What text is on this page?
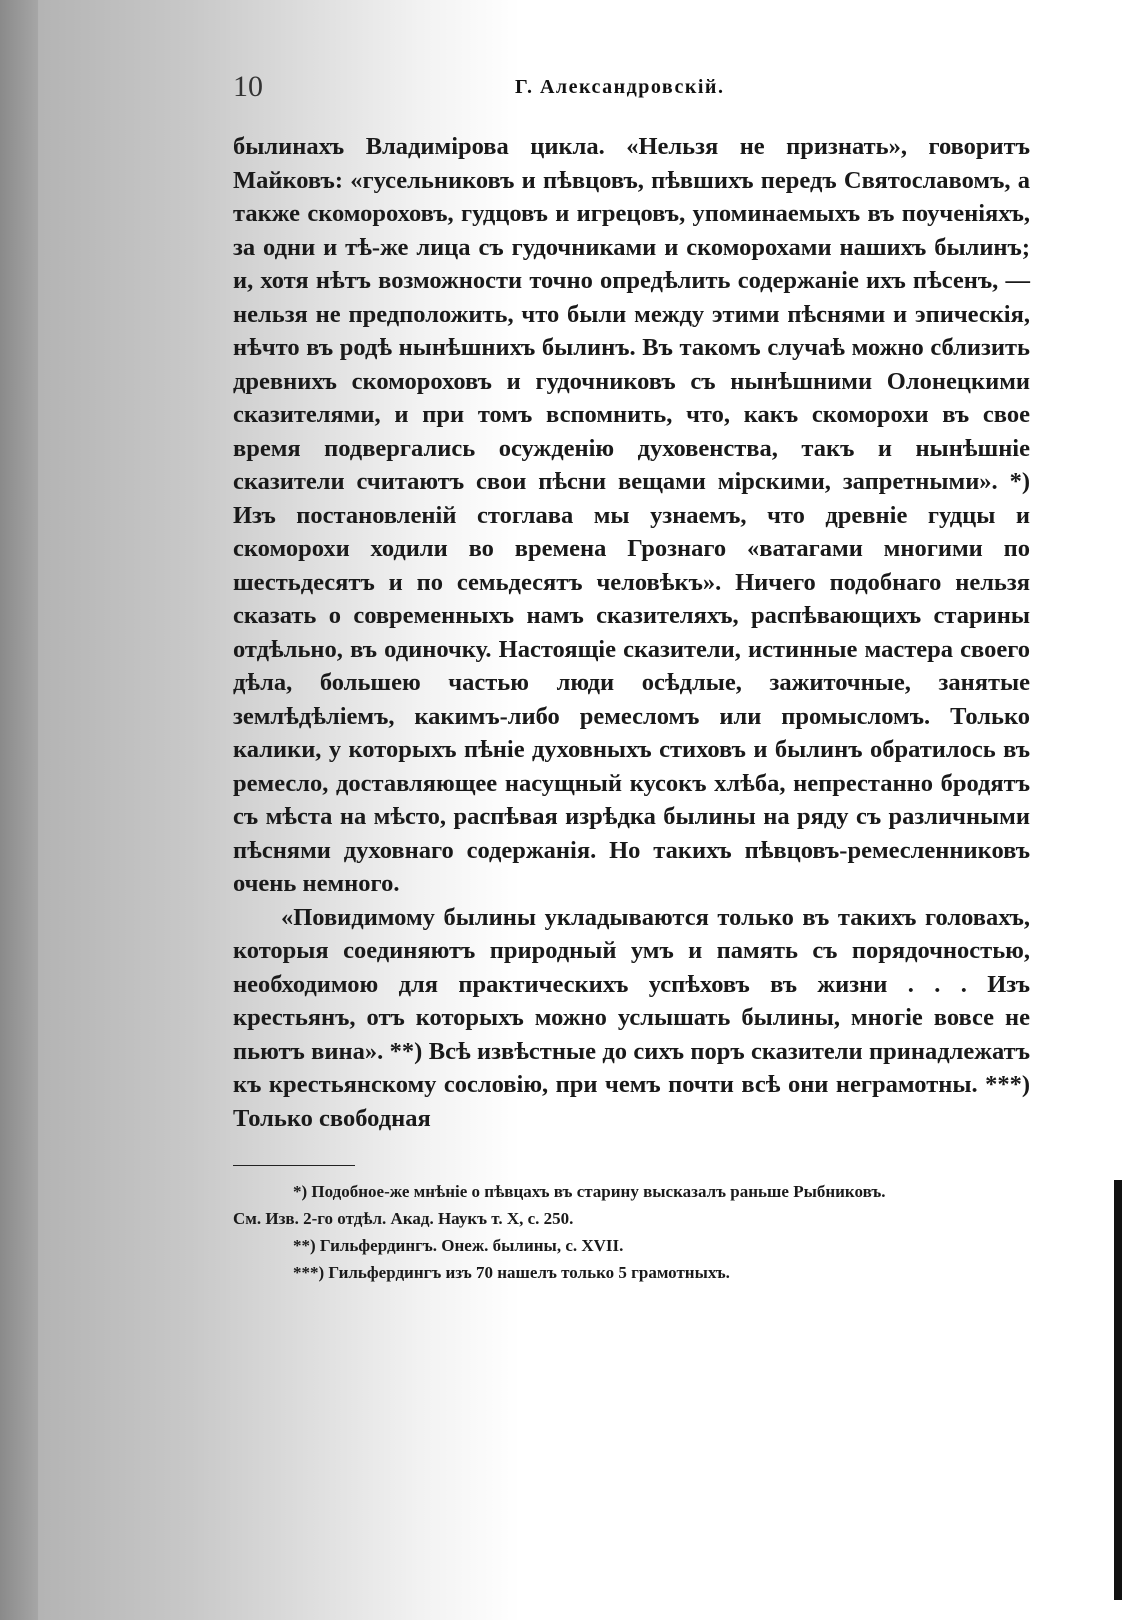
10	Г. Александровскій.

былинахъ Владимірова цикла. «Нельзя не признать», говоритъ Майковъ: «гусельниковъ и пѣвцовъ, пѣвшихъ передъ Святославомъ, а также скомороховъ, гудцовъ и игрецовъ, упоминаемыхъ въ поученіяхъ, за одни и тѣ-же лица съ гудочниками и скоморохами нашихъ былинъ; и, хотя нѣтъ возможности точно опредѣлить содержаніе ихъ пѣсенъ, — нельзя не предположить, что были между этими пѣснями и эпическія, нѣчто въ родѣ нынѣшнихъ былинъ. Въ такомъ случаѣ можно сблизить древнихъ скомороховъ и гудочниковъ съ нынѣшними Олонецкими сказителями, и при томъ вспомнить, что, какъ скоморохи въ свое время подвергались осужденію духовенства, такъ и нынѣшніе сказители считаютъ свои пѣсни вещами мірскими, запретными». *) Изъ постановленій стоглава мы узнаемъ, что древніе гудцы и скоморохи ходили во времена Грознаго «ватагами многими по шестьдесятъ и по семьдесятъ человѣкъ». Ничего подобнаго нельзя сказать о современныхъ намъ сказителяхъ, распѣвающихъ старины отдѣльно, въ одиночку. Настоящіе сказители, истинные мастера своего дѣла, большею частью люди осѣдлые, зажиточные, занятые землѣдѣліемъ, какимъ-либо ремесломъ или промысломъ. Только калики, у которыхъ пѣніе духовныхъ стиховъ и былинъ обратилось въ ремесло, доставляющее насущный кусокъ хлѣба, непрестанно бродятъ съ мѣста на мѣсто, распѣвая изрѣдка былины на ряду съ различными пѣснями духовнаго содержанія. Но такихъ пѣвцовъ-ремесленниковъ очень немного.

«Повидимому былины укладываются только въ такихъ головахъ, которыя соединяютъ природный умъ и память съ порядочностью, необходимою для практическихъ успѣховъ въ жизни . . . Изъ крестьянъ, отъ которыхъ можно услышать былины, многіе вовсе не пьютъ вина». **) Всѣ извѣстные до сихъ поръ сказители принадлежатъ къ крестьянскому сословію, при чемъ почти всѣ они неграмотны. ***) Только свободная

*) Подобное-же мнѣніе о пѣвцахъ въ старину высказалъ раньше Рыбниковъ.

См. Изв. 2-го отдѣл. Акад. Наукъ т. X, с. 250.

**) Гильфердингъ. Онеж. былины, с. XVII.

***) Гильфердингъ изъ 70 нашелъ только 5 грамотныхъ.
